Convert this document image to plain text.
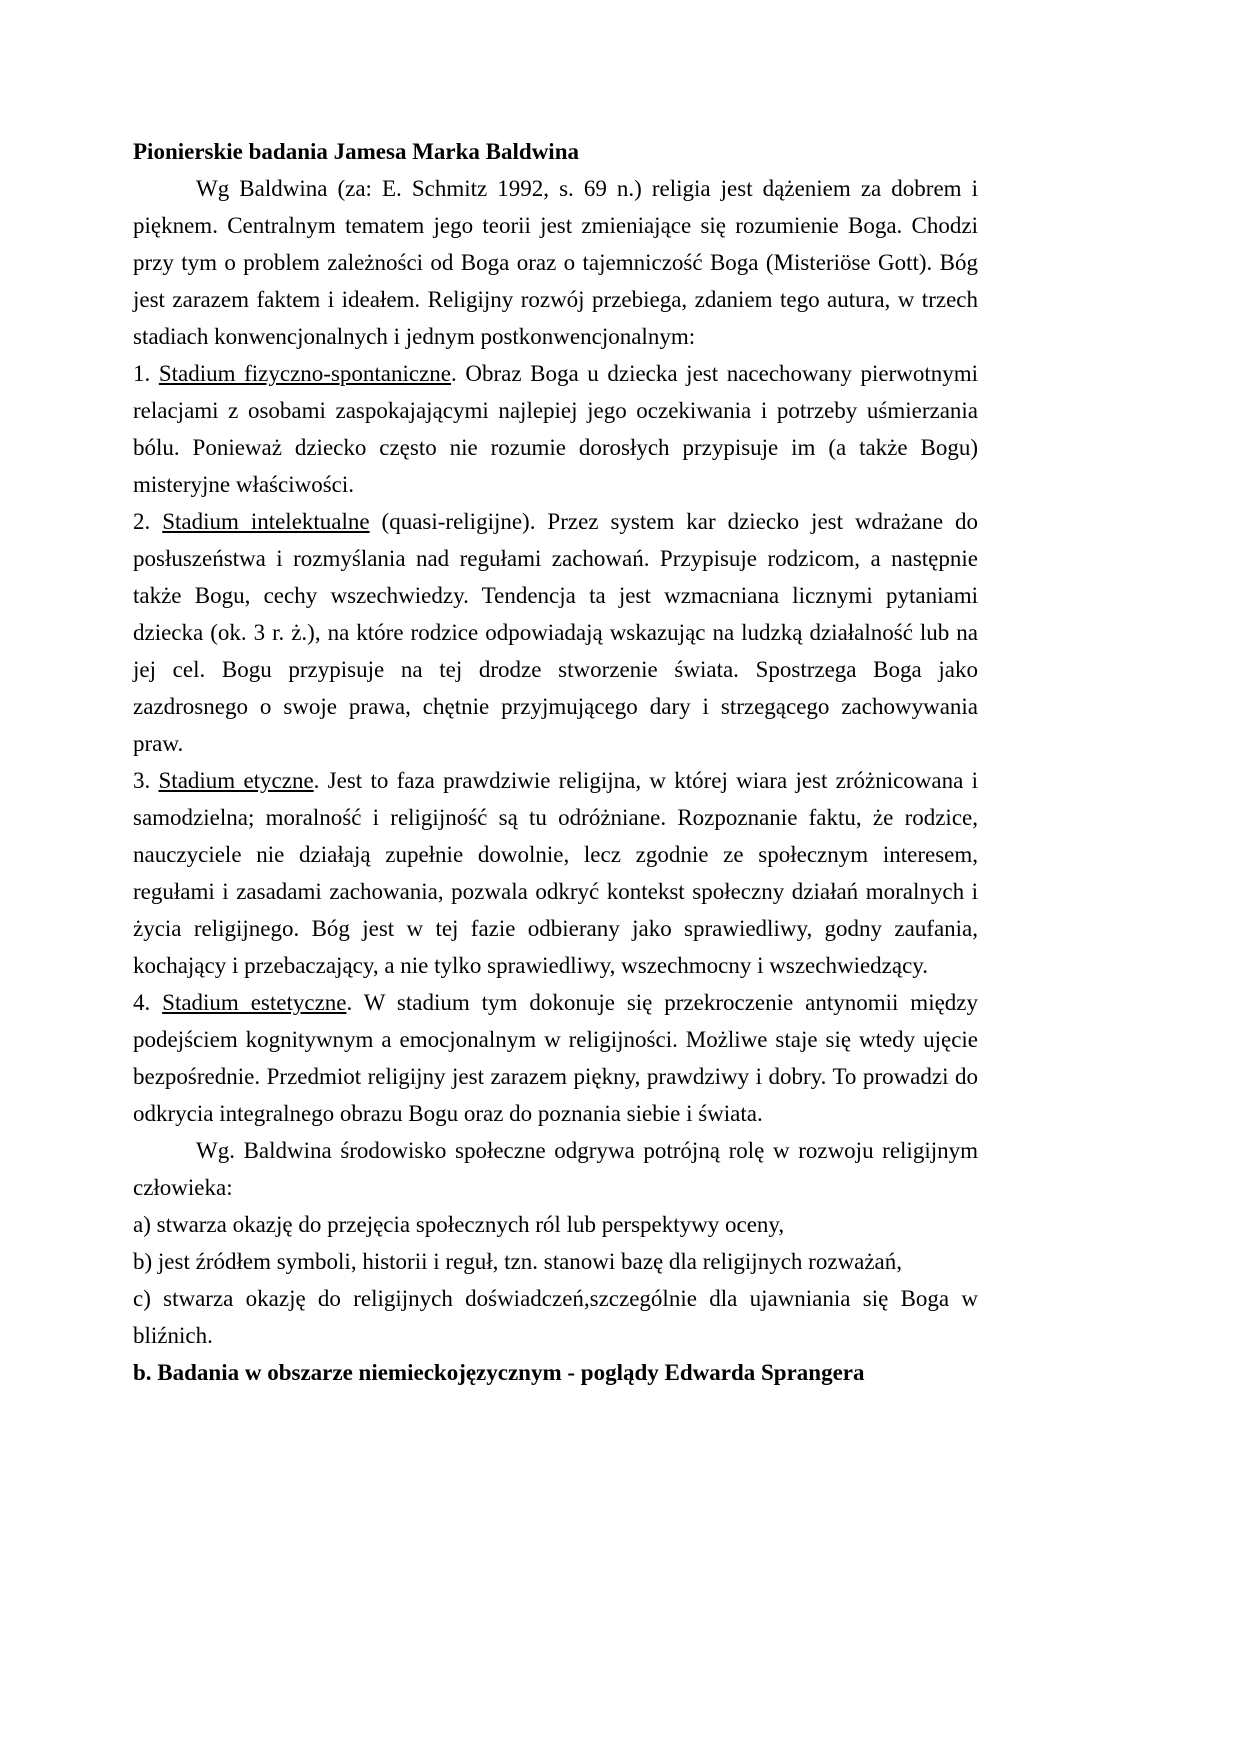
Pionierskie badania Jamesa Marka Baldwina

Wg Baldwina (za: E. Schmitz 1992, s. 69 n.) religia jest dążeniem za dobrem i pięknem. Centralnym tematem jego teorii jest zmieniające się rozumienie Boga. Chodzi przy tym o problem zależności od Boga oraz o tajemniczość Boga (Misteriöse Gott). Bóg jest zarazem faktem i ideałem. Religijny rozwój przebiega, zdaniem tego autura, w trzech stadiach konwencjonalnych i jednym postkonwencjonalnym:

1. Stadium fizyczno-spontaniczne. Obraz Boga u dziecka jest nacechowany pierwotnymi relacjami z osobami zaspokajającymi najlepiej jego oczekiwania i potrzeby uśmierzania bólu. Ponieważ dziecko często nie rozumie dorosłych przypisuje im (a także Bogu) misteryjne właściwości.

2. Stadium intelektualne (quasi-religijne). Przez system kar dziecko jest wdrażane do posłuszeństwa i rozmyślania nad regułami zachowań. Przypisuje rodzicom, a następnie także Bogu, cechy wszechwiedzy. Tendencja ta jest wzmacniana licznymi pytaniami dziecka (ok. 3 r. ż.), na które rodzice odpowiadają wskazując na ludzką działalność lub na jej cel. Bogu przypisuje na tej drodze stworzenie świata. Spostrzega Boga jako zazdrosnego o swoje prawa, chętnie przyjmującego dary i strzegącego zachowywania praw.

3. Stadium etyczne. Jest to faza prawdziwie religijna, w której wiara jest zróżnicowana i samodzielna; moralność i religijność są tu odróżniane. Rozpoznanie faktu, że rodzice, nauczyciele nie działają zupełnie dowolnie, lecz zgodnie ze społecznym interesem, regułami i zasadami zachowania, pozwala odkryć kontekst społeczny działań moralnych i życia religijnego. Bóg jest w tej fazie odbierany jako sprawiedliwy, godny zaufania, kochający i przebaczający, a nie tylko sprawiedliwy, wszechmocny i wszechwiedzący.

4. Stadium estetyczne. W stadium tym dokonuje się przekroczenie antynomii między podejściem kognitywnym a emocjonalnym w religijności. Możliwe staje się wtedy ujęcie bezpośrednie. Przedmiot religijny jest zarazem piękny, prawdziwy i dobry. To prowadzi do odkrycia integralnego obrazu Bogu oraz do poznania siebie i świata.

Wg. Baldwina środowisko społeczne odgrywa potrójną rolę w rozwoju religijnym człowieka:

a) stwarza okazję do przejęcia społecznych ról lub perspektywy oceny,

b) jest źródłem symboli, historii i reguł, tzn. stanowi bazę dla religijnych rozważań,

c) stwarza okazję do religijnych doświadczeń,szczególnie dla ujawniania się Boga w bliźnich.

b. Badania w obszarze niemieckojęzycznym - poglądy Edwarda Sprangera
